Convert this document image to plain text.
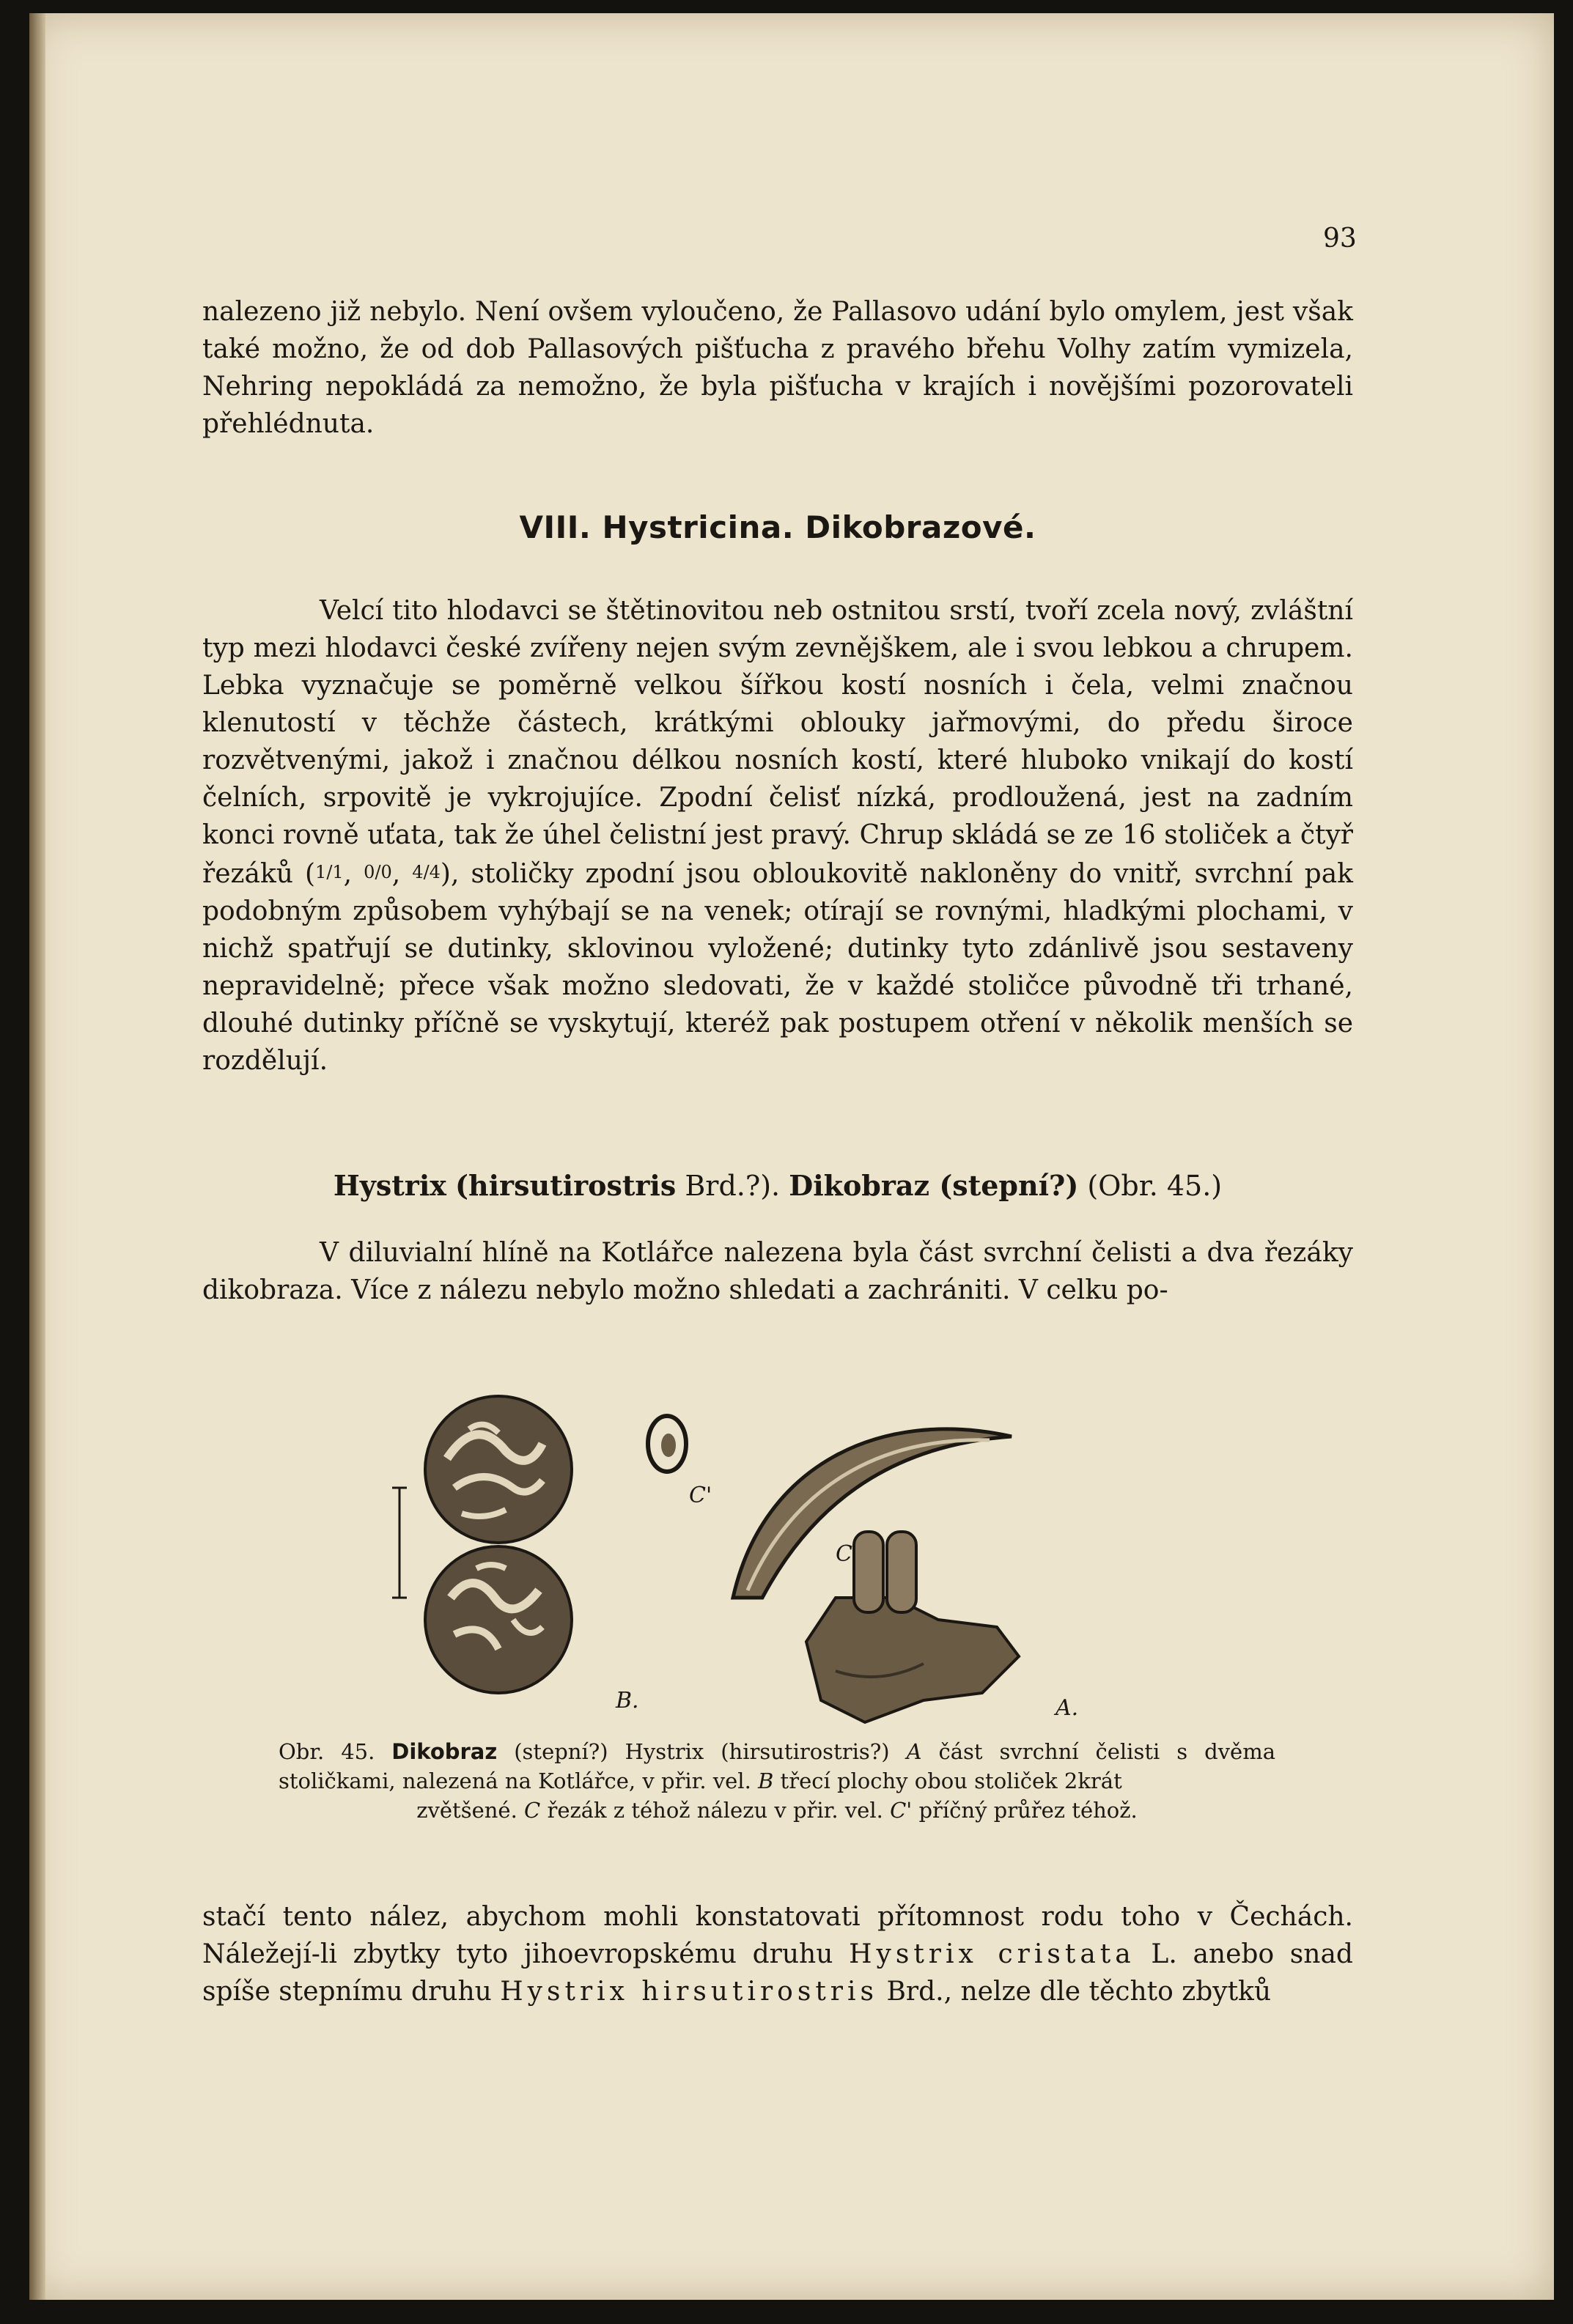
93

nalezeno již nebylo. Není ovšem vyloučeno, že Pallasovo udání bylo omylem, jest však také možno, že od dob Pallasových pišťucha z pravého břehu Volhy zatím vymizela, Nehring nepokládá za nemožno, že byla pišťucha v krajích i novějšími pozorovateli přehlédnuta.

VIII. Hystricina. Dikobrazové.

Velcí tito hlodavci se štětinovitou neb ostnitou srstí, tvoří zcela nový, zvláštní typ mezi hlodavci české zvířeny nejen svým zevnějškem, ale i svou lebkou a chrupem. Lebka vyznačuje se poměrně velkou šířkou kostí nosních i čela, velmi značnou klenutostí v těchže částech, krátkými oblouky jařmovými, do předu široce rozvětvenými, jakož i značnou délkou nosních kostí, které hluboko vnikají do kostí čelních, srpovitě je vykrojujíce. Zpodní čelisť nízká, prodloužená, jest na zadním konci rovně uťata, tak že úhel čelistní jest pravý. Chrup skládá se ze 16 stoliček a čtyř řezáků (1/1, 0/0, 4/4), stoličky zpodní jsou obloukovitě nakloněny do vnitř, svrchní pak podobným způsobem vyhýbají se na venek; otírají se rovnými, hladkými plochami, v nichž spatřují se dutinky, sklovinou vyložené; dutinky tyto zdánlivě jsou sestaveny nepravidelně; přece však možno sledovati, že v každé stoličce původně tři trhané, dlouhé dutinky příčně se vyskytují, kteréž pak postupem otření v několik menších se rozdělují.

Hystrix (hirsutirostris Brd.?). Dikobraz (stepní?) (Obr. 45.)

V diluvialní hlíně na Kotlářce nalezena byla část svrchní čelisti a dva řezáky dikobraza. Více z nálezu nebylo možno shledati a zachrániti. V celku po-

B.	A.
C
C'
Obr. 45. Dikobraz (stepní?) Hystrix (hirsutirostris?) A část svrchní čelisti s dvěma stoličkami, nalezená na Kotlářce, v přir. vel. B třecí plochy obou stoliček 2krát
zvětšené. C řezák z téhož nálezu v přir. vel. C' příčný průřez téhož.

stačí tento nález, abychom mohli konstatovati přítomnost rodu toho v Čechách. Náležejí-li zbytky tyto jihoevropskému druhu Hystrix cristata L. anebo snad spíše stepnímu druhu Hystrix hirsutirostris Brd., nelze dle těchto zbytků
